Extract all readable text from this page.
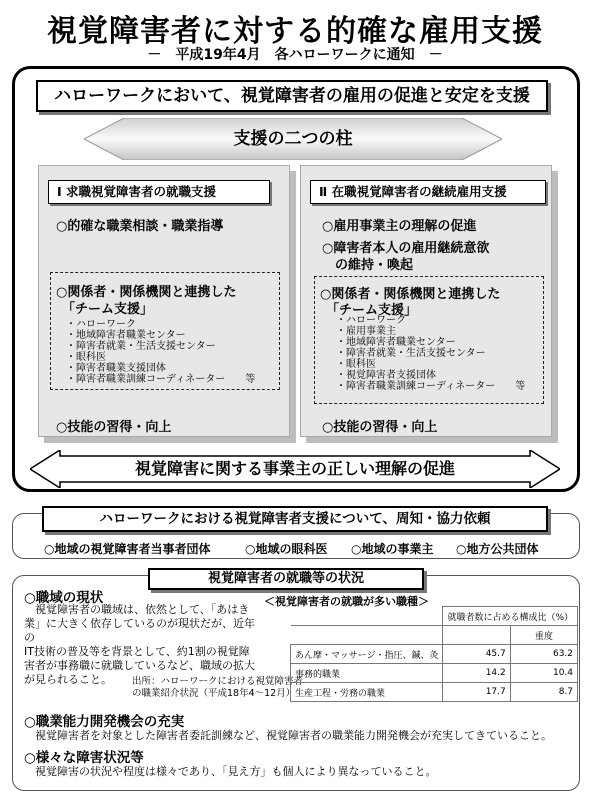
視覚障害者に対する的確な雇用支援
－　平成19年4月　各ハローワークに通知　－
ハローワークにおいて、視覚障害者の雇用の促進と安定を支援
支援の二つの柱
Ⅰ 求職視覚障害者の就職支援
○的確な職業相談・職業指導
○関係者・関係機関と連携した
「チーム支援」
・ハローワーク
・地域障害者職業センター
・障害者就業・生活支援センター
・眼科医
・障害者職業支援団体
・障害者職業訓練コーディネーター　　等
○技能の習得・向上
Ⅱ 在職視覚障害者の継続雇用支援
○雇用事業主の理解の促進
○障害者本人の雇用継続意欲
　の維持・喚起
○関係者・関係機関と連携した
「チーム支援」
・ハローワーク
・雇用事業主
・地域障害者職業センター
・障害者就業・生活支援センター
・眼科医
・視覚障害者支援団体
・障害者職業訓練コーディネーター　　等
○技能の習得・向上
視覚障害に関する事業主の正しい理解の促進
ハローワークにおける視覚障害者支援について、周知・協力依頼
○地域の視覚障害者当事者団体	○地域の眼科医 ○地域の事業主 ○地方公共団体
視覚障害者の就職等の状況
○職域の現状
　視覚障害者の職域は、依然として、「あはき
業」に大きく依存しているのが現状だが、近年の
IT技術の普及等を背景として、約1割の視覚障
害者が事務職に就職しているなど、職域の拡大
が見られること。	出所：ハローワークにおける視覚障害者
の職業紹介状況（平成18年4～12月）
＜視覚障害者の就職が多い職種＞
	就職者数に占める構成比（%）	
		重度
あん摩・マッサージ・指圧、鍼、灸	45.7	63.2
事務的職業	14.2	10.4
生産工程・労務の職業	17.7	8.7
○職業能力開発機会の充実
　視覚障害者を対象とした障害者委託訓練など、視覚障害者の職業能力開発機会が充実してきていること。
○様々な障害状況等
　視覚障害の状況や程度は様々であり、「見え方」も個人により異なっていること。
